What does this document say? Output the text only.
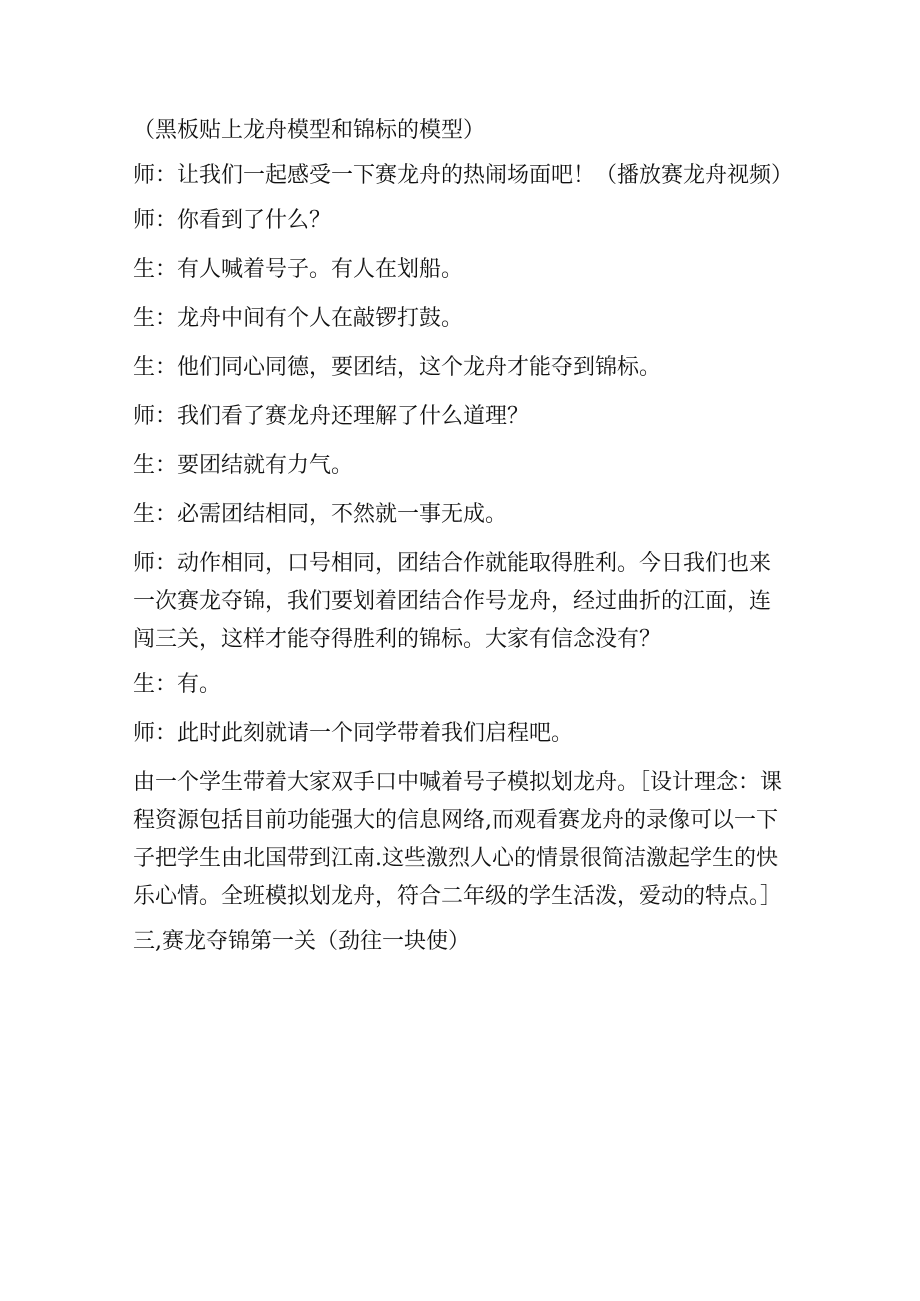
（黑板贴上龙舟模型和锦标的模型）

师：让我们一起感受一下赛龙舟的热闹场面吧！（播放赛龙舟视频）

师：你看到了什么？

生：有人喊着号子。有人在划船。

生：龙舟中间有个人在敲锣打鼓。

生：他们同心同德，要团结，这个龙舟才能夺到锦标。

师：我们看了赛龙舟还理解了什么道理？

生：要团结就有力气。

生：必需团结相同，不然就一事无成。

师：动作相同，口号相同，团结合作就能取得胜利。今日我们也来一次赛龙夺锦，我们要划着团结合作号龙舟，经过曲折的江面，连闯三关，这样才能夺得胜利的锦标。大家有信念没有？

生：有。

师：此时此刻就请一个同学带着我们启程吧。

由一个学生带着大家双手口中喊着号子模拟划龙舟。［设计理念：课程资源包括目前功能强大的信息网络,而观看赛龙舟的录像可以一下子把学生由北国带到江南.这些激烈人心的情景很简洁激起学生的快乐心情。全班模拟划龙舟，符合二年级的学生活泼，爱动的特点。］

三,赛龙夺锦第一关（劲往一块使）
